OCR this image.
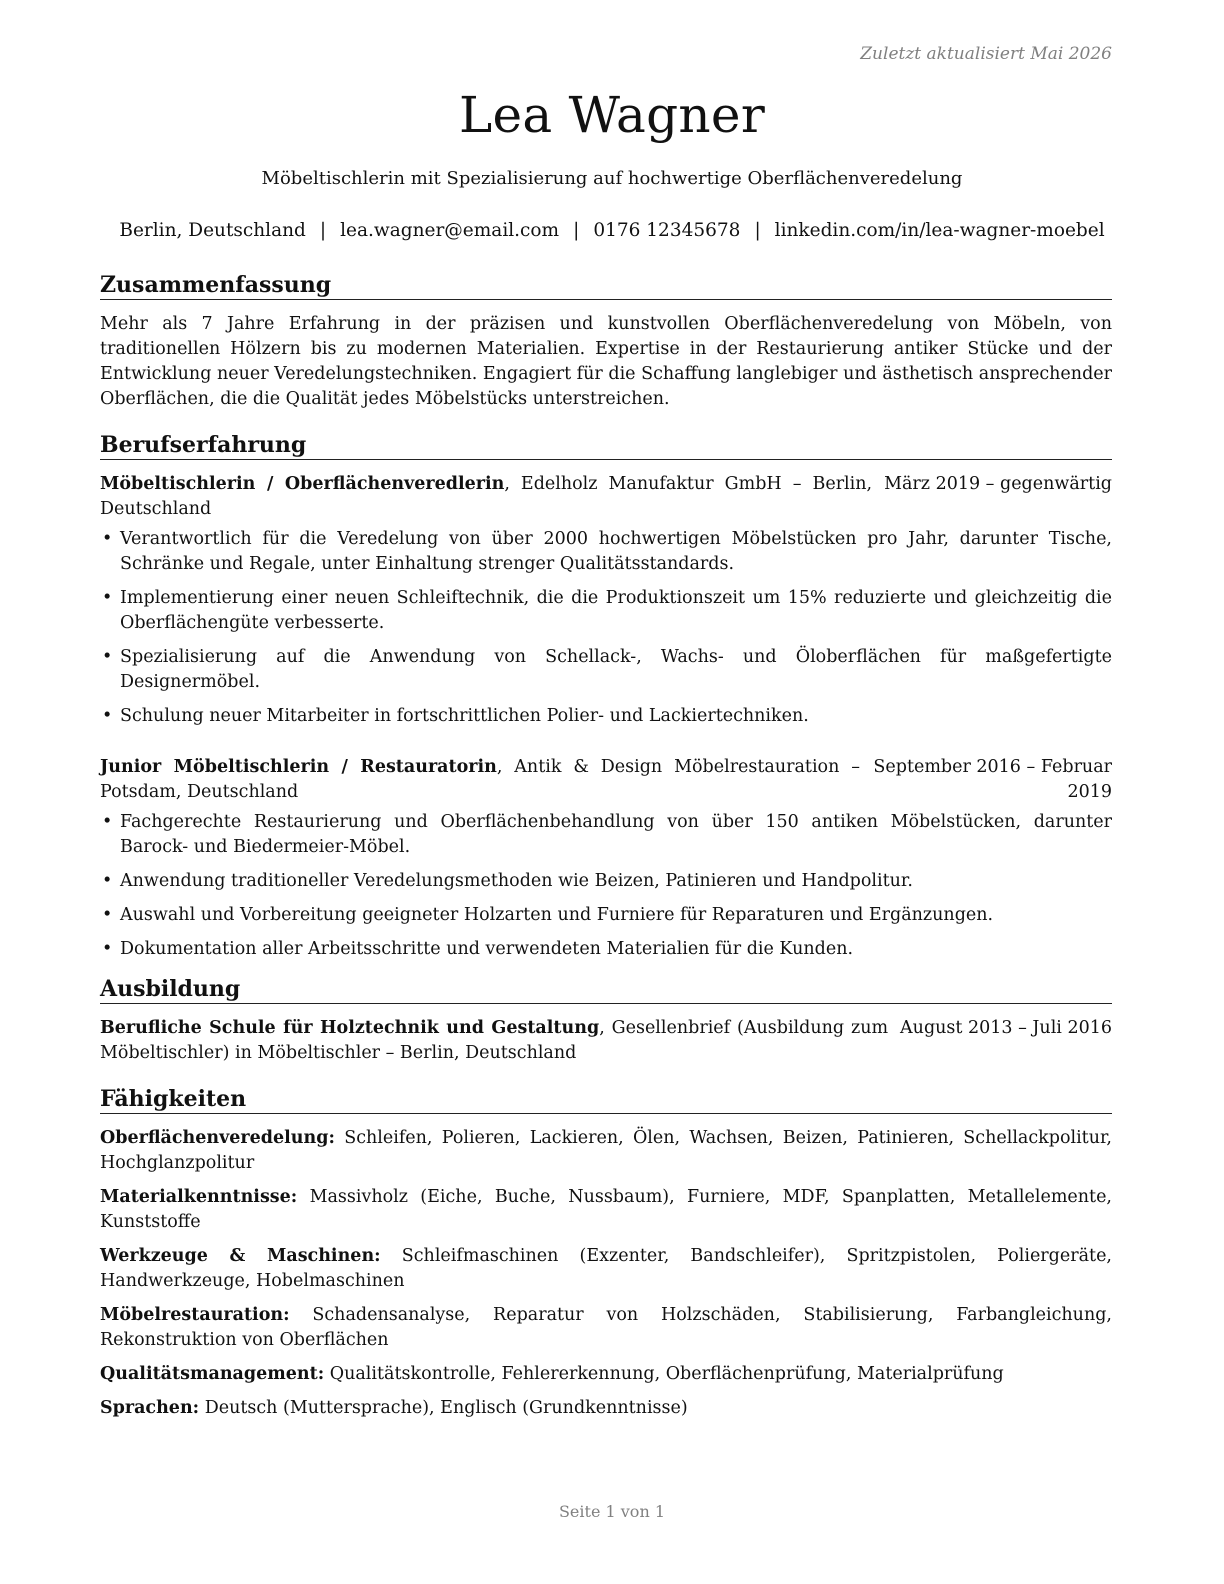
Zuletzt aktualisiert Mai 2026

Lea Wagner

Möbeltischlerin mit Spezialisierung auf hochwertige Oberflächenveredelung

Berlin, Deutschland | lea.wagner@email.com | 0176 12345678 | linkedin.com/in/lea-wagner-moebel

Zusammenfassung

Mehr als 7 Jahre Erfahrung in der präzisen und kunstvollen Oberflächenveredelung von Möbeln, von traditionellen Hölzern bis zu modernen Materialien. Expertise in der Restaurierung antiker Stücke und der Entwicklung neuer Veredelungstechniken. Engagiert für die Schaffung langlebiger und ästhetisch ansprechender Oberflächen, die die Qualität jedes Möbelstücks unterstreichen.

Berufserfahrung
Möbeltischlerin / Oberflächenveredlerin, Edelholz Manufaktur GmbH – Berlin, Deutschland
März 2019 – gegenwärtig
• Verantwortlich für die Veredelung von über 2000 hochwertigen Möbelstücken pro Jahr, darunter Tische, Schränke und Regale, unter Einhaltung strenger Qualitätsstandards.
• Implementierung einer neuen Schleiftechnik, die die Produktionszeit um 15% reduzierte und gleichzeitig die Oberflächengüte verbesserte.
• Spezialisierung auf die Anwendung von Schellack-, Wachs- und Öloberflächen für maßgefertigte Designermöbel.
• Schulung neuer Mitarbeiter in fortschrittlichen Polier- und Lackiertechniken.
Junior Möbeltischlerin / Restauratorin, Antik & Design Möbelrestauration – Potsdam, Deutschland
September 2016 – Februar 2019
• Fachgerechte Restaurierung und Oberflächenbehandlung von über 150 antiken Möbelstücken, darunter Barock- und Biedermeier-Möbel.
• Anwendung traditioneller Veredelungsmethoden wie Beizen, Patinieren und Handpolitur.
• Auswahl und Vorbereitung geeigneter Holzarten und Furniere für Reparaturen und Ergänzungen.
• Dokumentation aller Arbeitsschritte und verwendeten Materialien für die Kunden.
Ausbildung
Berufliche Schule für Holztechnik und Gestaltung, Gesellenbrief (Ausbildung zum Möbeltischler) in Möbeltischler – Berlin, Deutschland
August 2013 – Juli 2016
Fähigkeiten

Oberflächenveredelung: Schleifen, Polieren, Lackieren, Ölen, Wachsen, Beizen, Patinieren, Schellackpolitur, Hochglanzpolitur

Materialkenntnisse: Massivholz (Eiche, Buche, Nussbaum), Furniere, MDF, Spanplatten, Metallelemente, Kunststoffe

Werkzeuge & Maschinen: Schleifmaschinen (Exzenter, Bandschleifer), Spritzpistolen, Poliergeräte, Handwerkzeuge, Hobelmaschinen

Möbelrestauration: Schadensanalyse, Reparatur von Holzschäden, Stabilisierung, Farbangleichung, Rekonstruktion von Oberflächen

Qualitätsmanagement: Qualitätskontrolle, Fehlererkennung, Oberflächenprüfung, Materialprüfung

Sprachen: Deutsch (Muttersprache), Englisch (Grundkenntnisse)

Seite 1 von 1
